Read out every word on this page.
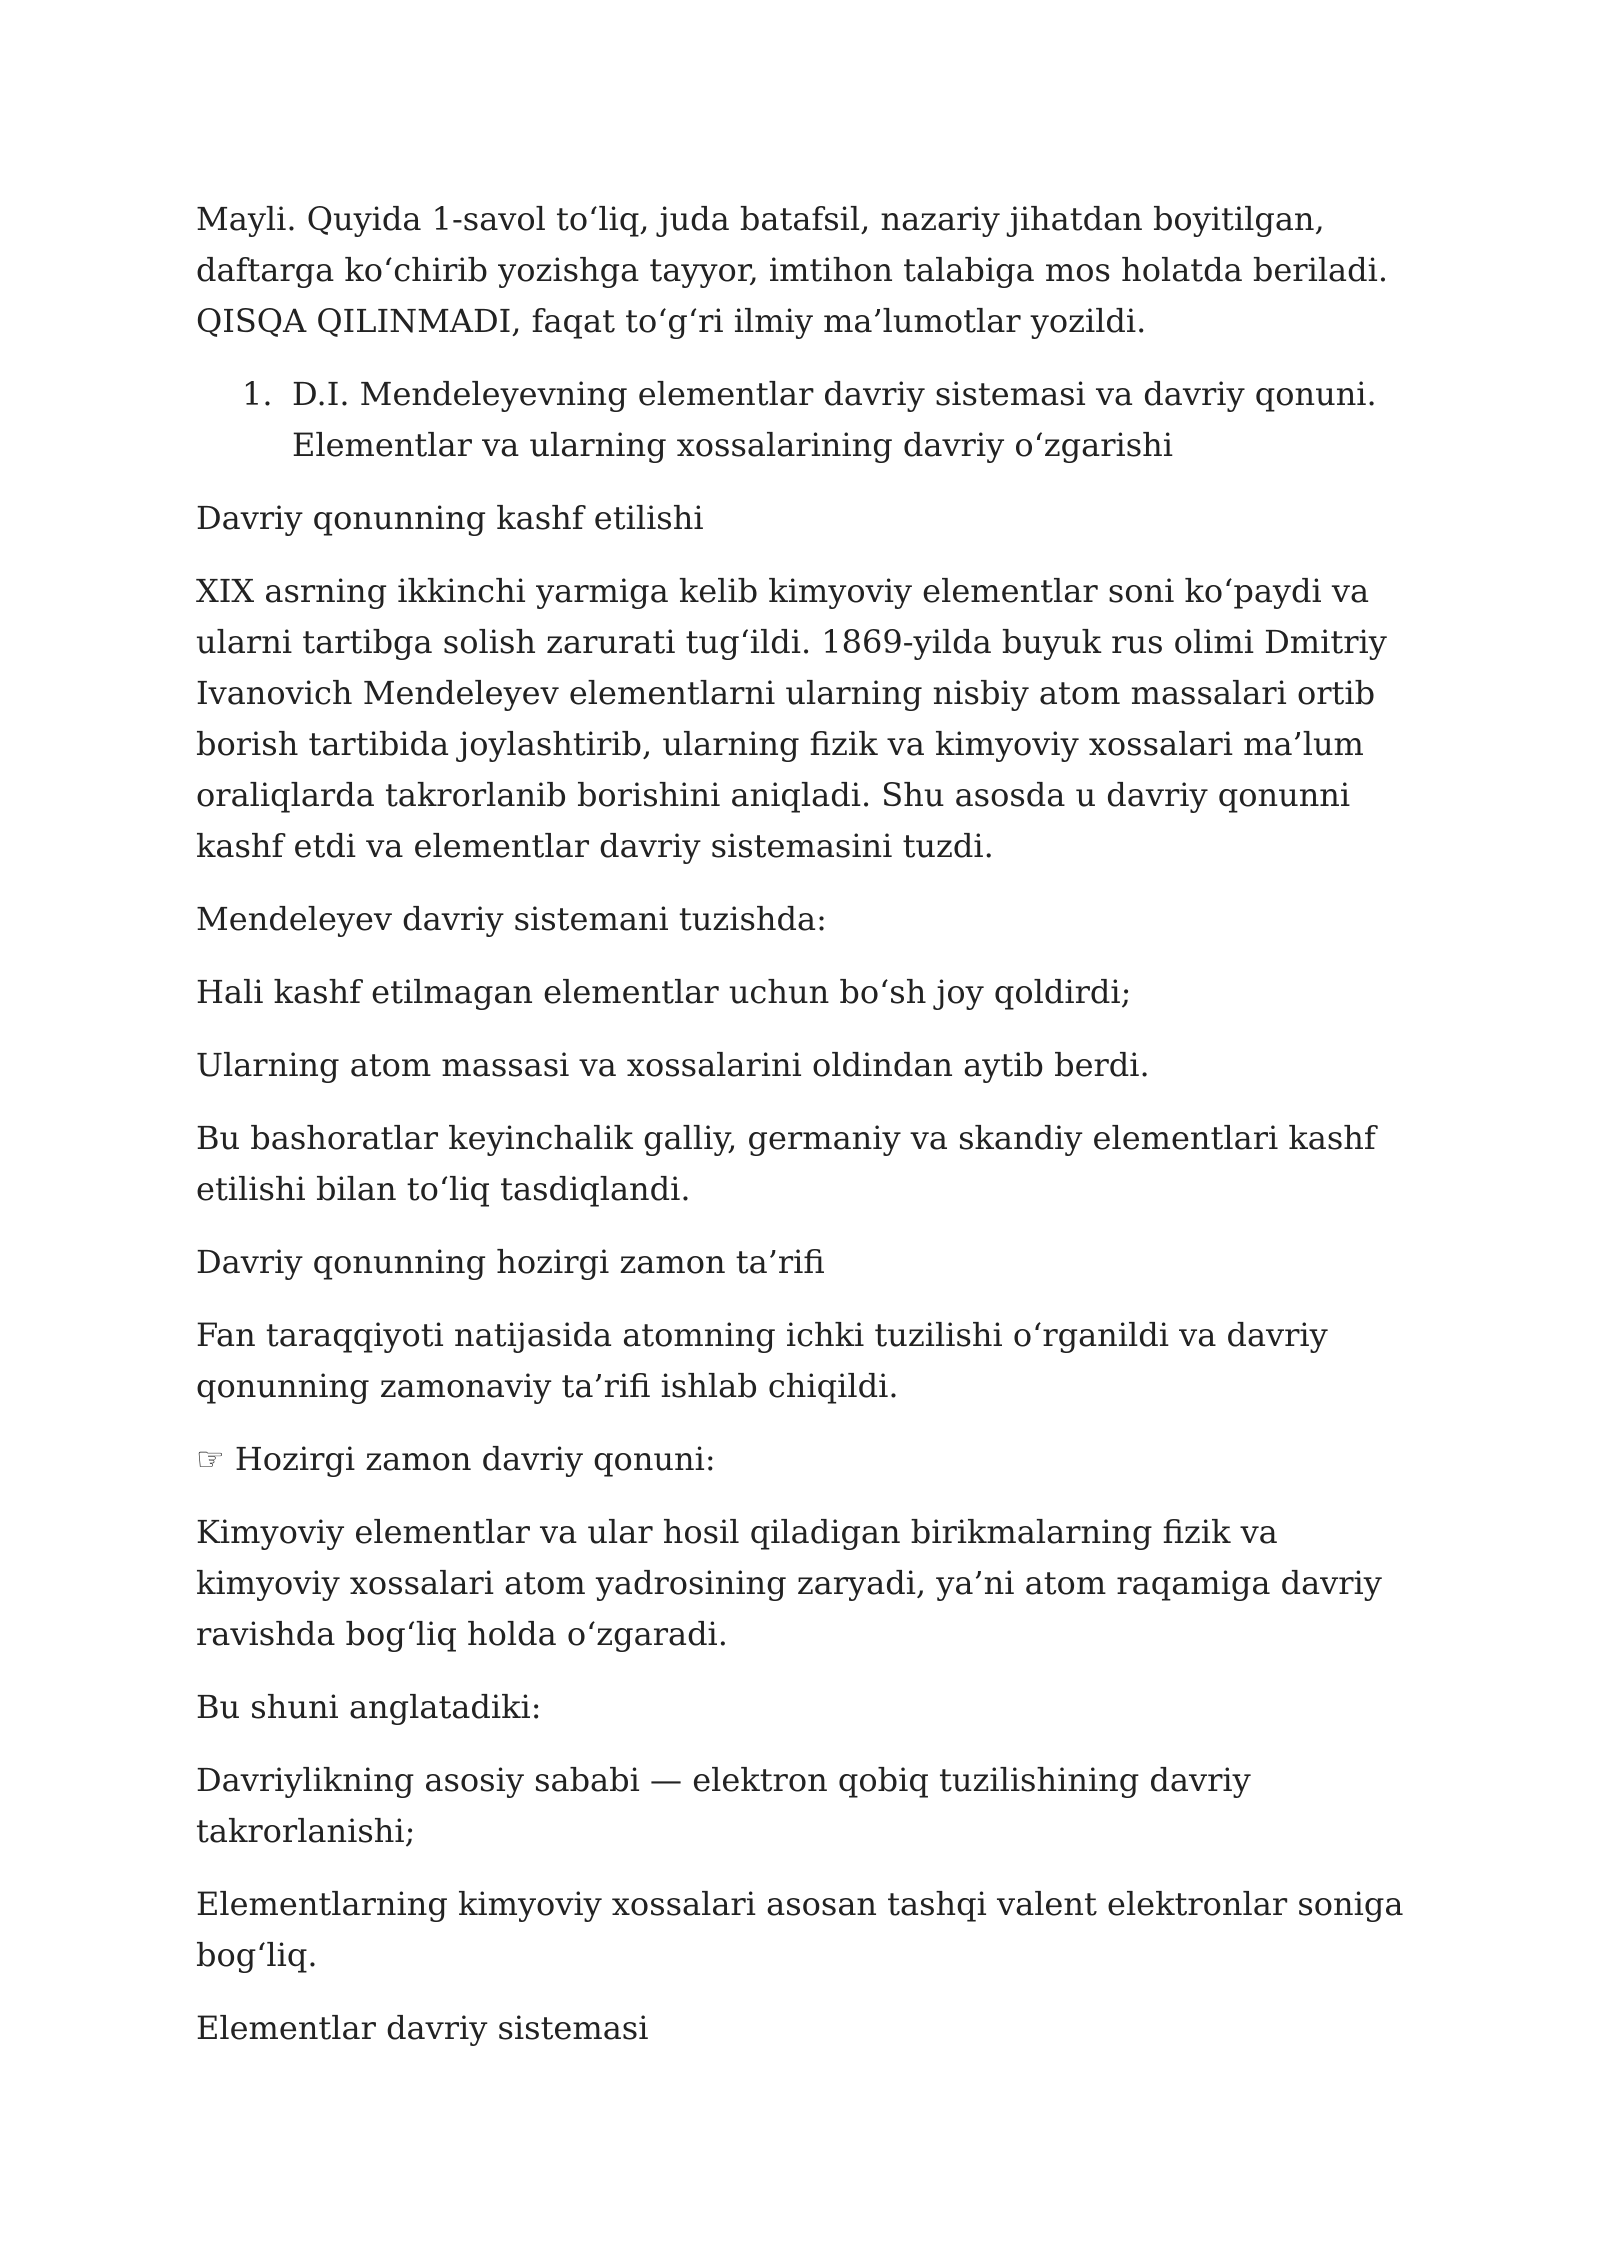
Mayli. Quyida 1-savol to‘liq, juda batafsil, nazariy jihatdan boyitilgan, daftarga ko‘chirib yozishga tayyor, imtihon talabiga mos holatda beriladi. QISQA QILINMADI, faqat to‘g‘ri ilmiy ma’lumotlar yozildi.

1. D.I. Mendeleyevning elementlar davriy sistemasi va davriy qonuni. Elementlar va ularning xossalarining davriy o‘zgarishi

Davriy qonunning kashf etilishi

XIX asrning ikkinchi yarmiga kelib kimyoviy elementlar soni ko‘paydi va ularni tartibga solish zarurati tug‘ildi. 1869-yilda buyuk rus olimi Dmitriy Ivanovich Mendeleyev elementlarni ularning nisbiy atom massalari ortib borish tartibida joylashtirib, ularning fizik va kimyoviy xossalari ma’lum oraliqlarda takrorlanib borishini aniqladi. Shu asosda u davriy qonunni kashf etdi va elementlar davriy sistemasini tuzdi.

Mendeleyev davriy sistemani tuzishda:

Hali kashf etilmagan elementlar uchun bo‘sh joy qoldirdi;

Ularning atom massasi va xossalarini oldindan aytib berdi.

Bu bashoratlar keyinchalik galliy, germaniy va skandiy elementlari kashf etilishi bilan to‘liq tasdiqlandi.

Davriy qonunning hozirgi zamon ta’rifi

Fan taraqqiyoti natijasida atomning ichki tuzilishi o‘rganildi va davriy qonunning zamonaviy ta’rifi ishlab chiqildi.

☞ Hozirgi zamon davriy qonuni:

Kimyoviy elementlar va ular hosil qiladigan birikmalarning fizik va kimyoviy xossalari atom yadrosining zaryadi, ya’ni atom raqamiga davriy ravishda bog‘liq holda o‘zgaradi.

Bu shuni anglatadiki:

Davriylikning asosiy sababi — elektron qobiq tuzilishining davriy takrorlanishi;

Elementlarning kimyoviy xossalari asosan tashqi valent elektronlar soniga bog‘liq.

Elementlar davriy sistemasi
